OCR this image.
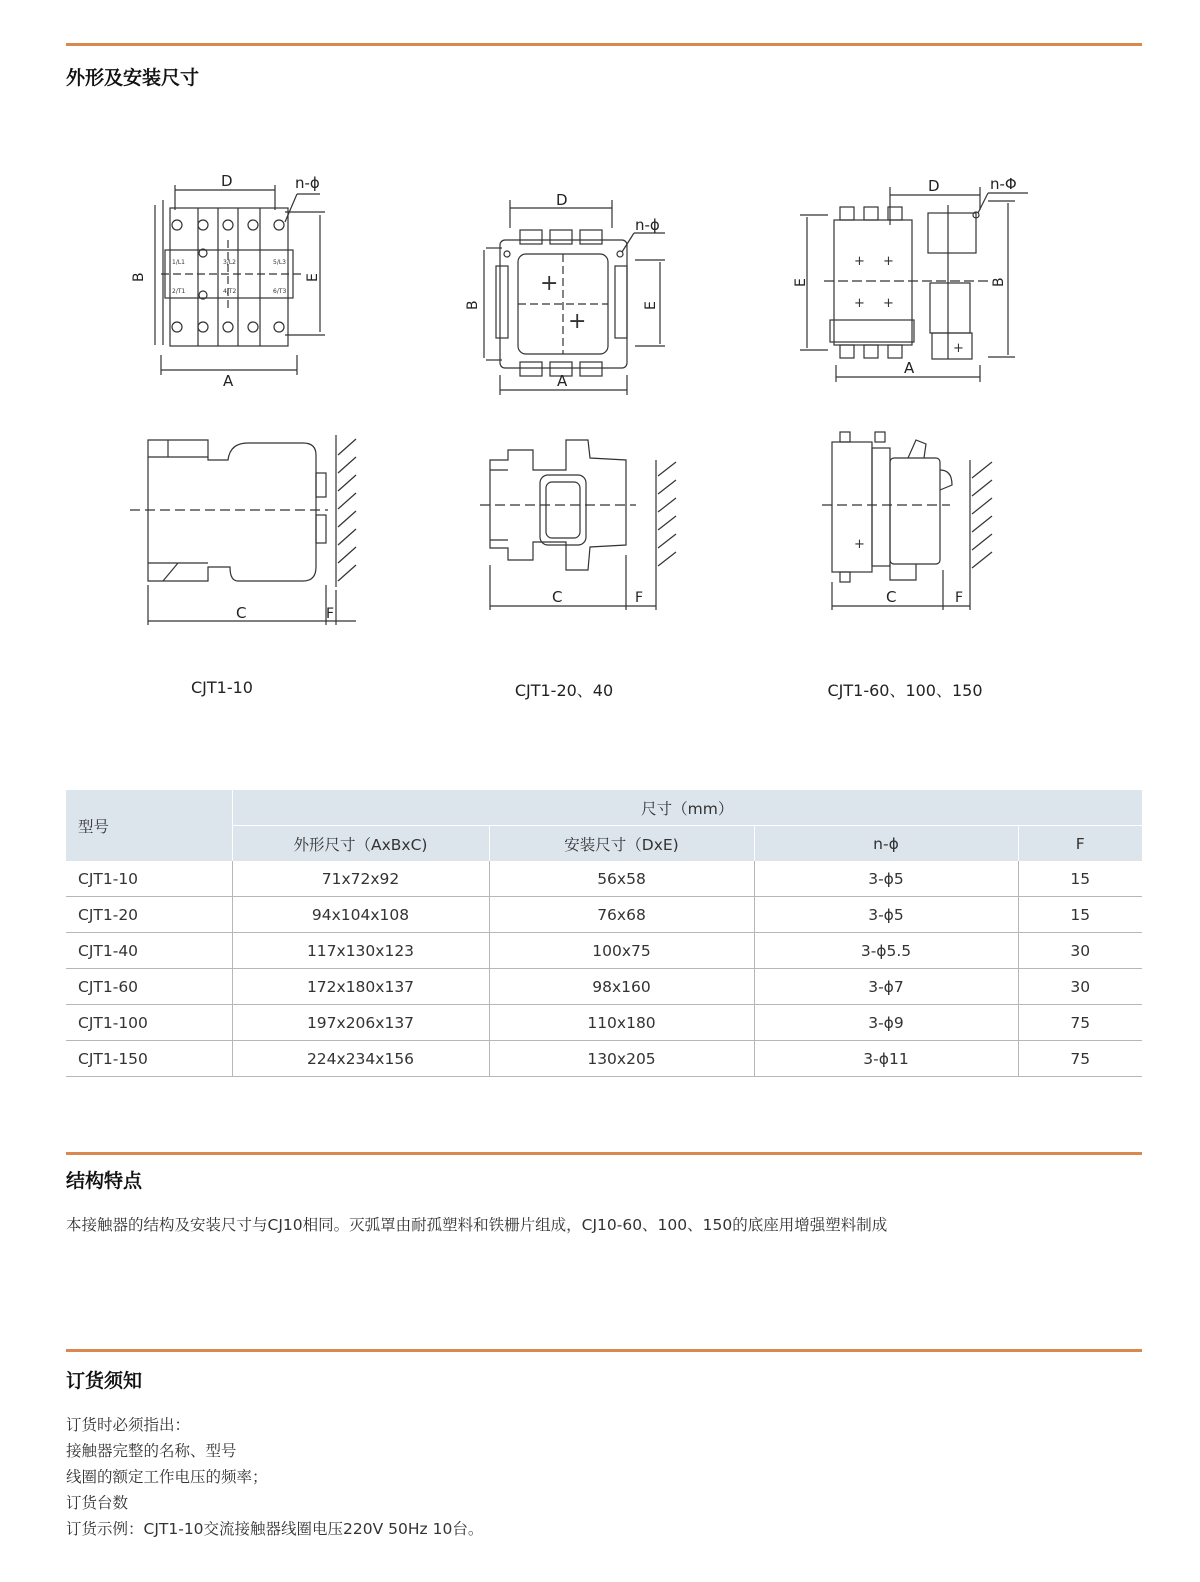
外形及安装尺寸
1/L1	3/L2	5/L3
2/T1	4/T2	6/T3
D	n-ϕ
B	E
A
+
+
D
n-ϕ
B	E
A
+ +
+ +
+
D	n-Φ
E	B
A
C	F
C	F
+
C	F
CJT1-10	CJT1-20、40	CJT1-60、100、150
型号	尺寸（mm）			
	外形尺寸（AxBxC)	安装尺寸（DxE)	n-ϕ	F
CJT1-10	71x72x92	56x58	3-ϕ5	15
CJT1-20	94x104x108	76x68	3-ϕ5	15
CJT1-40	117x130x123	100x75	3-ϕ5.5	30
CJT1-60	172x180x137	98x160	3-ϕ7	30
CJT1-100	197x206x137	110x180	3-ϕ9	75
CJT1-150	224x234x156	130x205	3-ϕ11	75
结构特点

本接触器的结构及安装尺寸与CJ10相同。灭弧罩由耐孤塑料和铁栅片组成，CJ10-60、100、150的底座用增强塑料制成

订货须知
订货时必须指出：
接触器完整的名称、型号
线圈的额定工作电压的频率；
订货台数
订货示例：CJT1-10交流接触器线圈电压220V 50Hz 10台。
